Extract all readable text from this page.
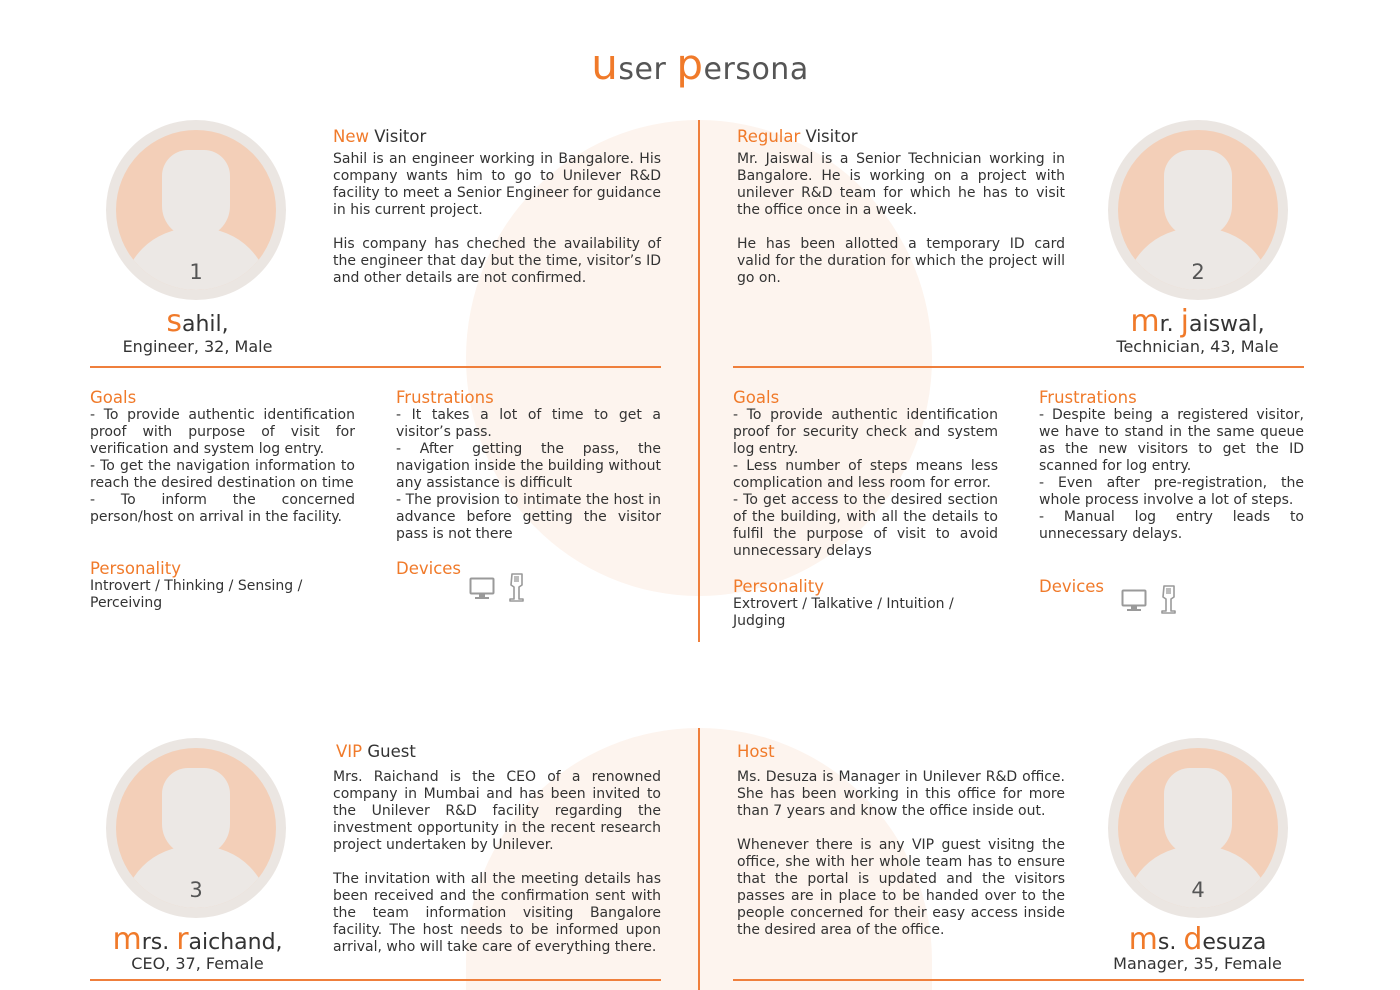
user persona
1
sahil,
Engineer, 32, Male
New Visitor

Sahil is an engineer working in Bangalore. His company wants him to go to Unilever R&D facility to meet a Senior Engineer for guidance in his current project.

His company has cheched the availability of the engineer that day but the time, visitor’s ID and other details are not confirmed.

Goals
- To provide authentic identification proof with purpose of visit for verification and system log entry.
- To get the navigation information to reach the desired destination on time
- To inform the concerned person/host on arrival in the facility.
Frustrations
- It takes a lot of time to get a visitor’s pass.
- After getting the pass, the navigation inside the building without any assistance is difficult
- The provision to intimate the host in advance before getting the visitor pass is not there
Personality
Introvert / Thinking / Sensing / Perceiving
Devices
2
mr. jaiswal,
Technician, 43, Male
Regular Visitor

Mr. Jaiswal is a Senior Technician working in Bangalore. He is working on a project with unilever R&D team for which he has to visit the office once in a week.

He has been allotted a temporary ID card valid for the duration for which the project will go on.

Goals
- To provide authentic identification proof for security check and system log entry.
- Less number of steps means less complication and less room for error.
- To get access to the desired section of the building, with all the details to fulfil the purpose of visit to avoid unnecessary delays
Frustrations
- Despite being a registered visitor, we have to stand in the same queue as the new visitors to get the ID scanned for log entry.
- Even after pre-registration, the whole process involve a lot of steps.
- Manual log entry leads to unnecessary delays.
Personality
Extrovert / Talkative / Intuition / Judging
Devices
3
mrs. raichand,
CEO, 37, Female
VIP Guest

Mrs. Raichand is the CEO of a renowned company in Mumbai and has been invited to the Unilever R&D facility regarding the investment opportunity in the recent research project undertaken by Unilever.

The invitation with all the meeting details has been received and the confirmation sent with the team information visiting Bangalore facility. The host needs to be informed upon arrival, who will take care of everything there.

4
ms. desuza
Manager, 35, Female
Host

Ms. Desuza is Manager in Unilever R&D office. She has been working in this office for more than 7 years and know the office inside out.

Whenever there is any VIP guest visitng the office, she with her whole team has to ensure that the portal is updated and the visitors passes are in place to be handed over to the people concerned for their easy access inside the desired area of the office.
